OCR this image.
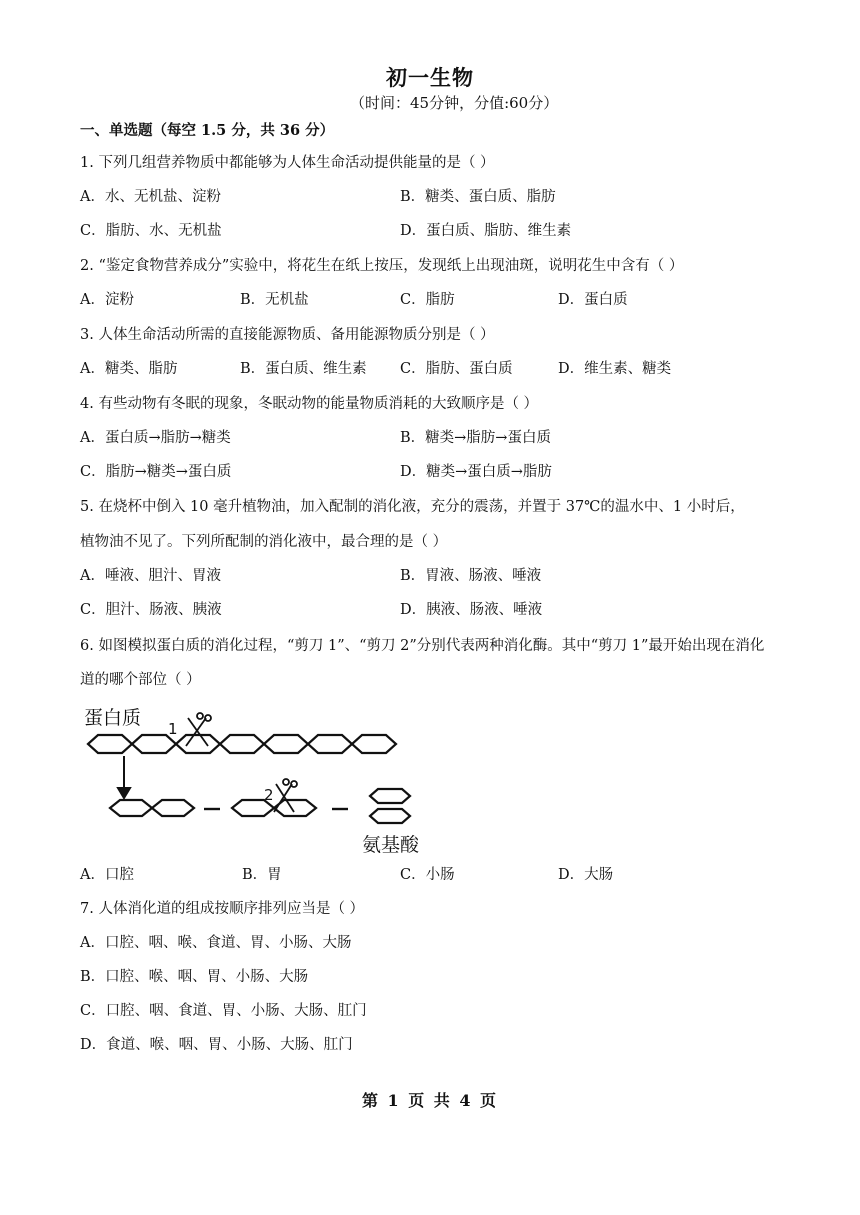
初一生物
（时间：45分钟，分值:60分）
一、单选题（每空 1.5 分，共 36 分）
1. 下列几组营养物质中都能够为人体生命活动提供能量的是（ ）
A．水、无机盐、淀粉	B．糖类、蛋白质、脂肪
C．脂肪、水、无机盐	D．蛋白质、脂肪、维生素
2. “鉴定食物营养成分”实验中，将花生在纸上按压，发现纸上出现油斑，说明花生中含有（ ）
A．淀粉	B．无机盐	C．脂肪	D．蛋白质
3. 人体生命活动所需的直接能源物质、备用能源物质分别是（ ）
A．糖类、脂肪	B．蛋白质、维生素 C．脂肪、蛋白质	D．维生素、糖类
4. 有些动物有冬眠的现象，冬眠动物的能量物质消耗的大致顺序是（ ）
A．蛋白质→脂肪→糖类	B．糖类→脂肪→蛋白质
C．脂肪→糖类→蛋白质	D．糖类→蛋白质→脂肪
5. 在烧杯中倒入 10 毫升植物油，加入配制的消化液，充分的震荡，并置于 37℃的温水中、1 小时后，
植物油不见了。下列所配制的消化液中，最合理的是（ ）
A．唾液、胆汁、胃液	B．胃液、肠液、唾液
C．胆汁、肠液、胰液	D．胰液、肠液、唾液
6. 如图模拟蛋白质的消化过程，“剪刀 1”、“剪刀 2”分别代表两种消化酶。其中“剪刀 1”最开始出现在消化
道的哪个部位（ ）
蛋白质 1
2
氨基酸
A．口腔	B．胃	C．小肠	D．大肠
7. 人体消化道的组成按顺序排列应当是（ ）
A．口腔、咽、喉、食道、胃、小肠、大肠
B．口腔、喉、咽、胃、小肠、大肠
C．口腔、咽、食道、胃、小肠、大肠、肛门
D．食道、喉、咽、胃、小肠、大肠、肛门
第 1 页 共 4 页
